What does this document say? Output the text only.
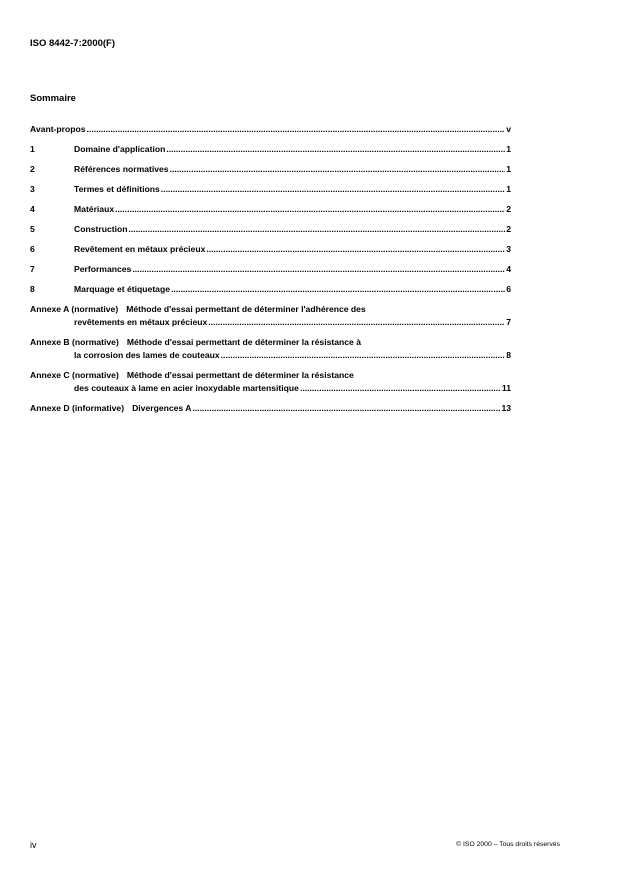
ISO 8442-7:2000(F)
Sommaire
Avant-propos .....	v
1	Domaine d'application .....	1
2	Références normatives .....	1
3	Termes et définitions .....	1
4	Matériaux .....	2
5	Construction .....	2
6	Revêtement en métaux précieux .....	3
7	Performances .....	4
8	Marquage et étiquetage .....	6
Annexe A (normative) Méthode d'essai permettant de déterminer l'adhérence des
revêtements en métaux précieux .....	7
Annexe B (normative) Méthode d'essai permettant de déterminer la résistance à
la corrosion des lames de couteaux .....	8
Annexe C (normative) Méthode d'essai permettant de déterminer la résistance
des couteaux à lame en acier inoxydable martensitique .....	11
Annexe D (informative) Divergences A .....	13
iv	© ISO 2000 – Tous droits réservés
